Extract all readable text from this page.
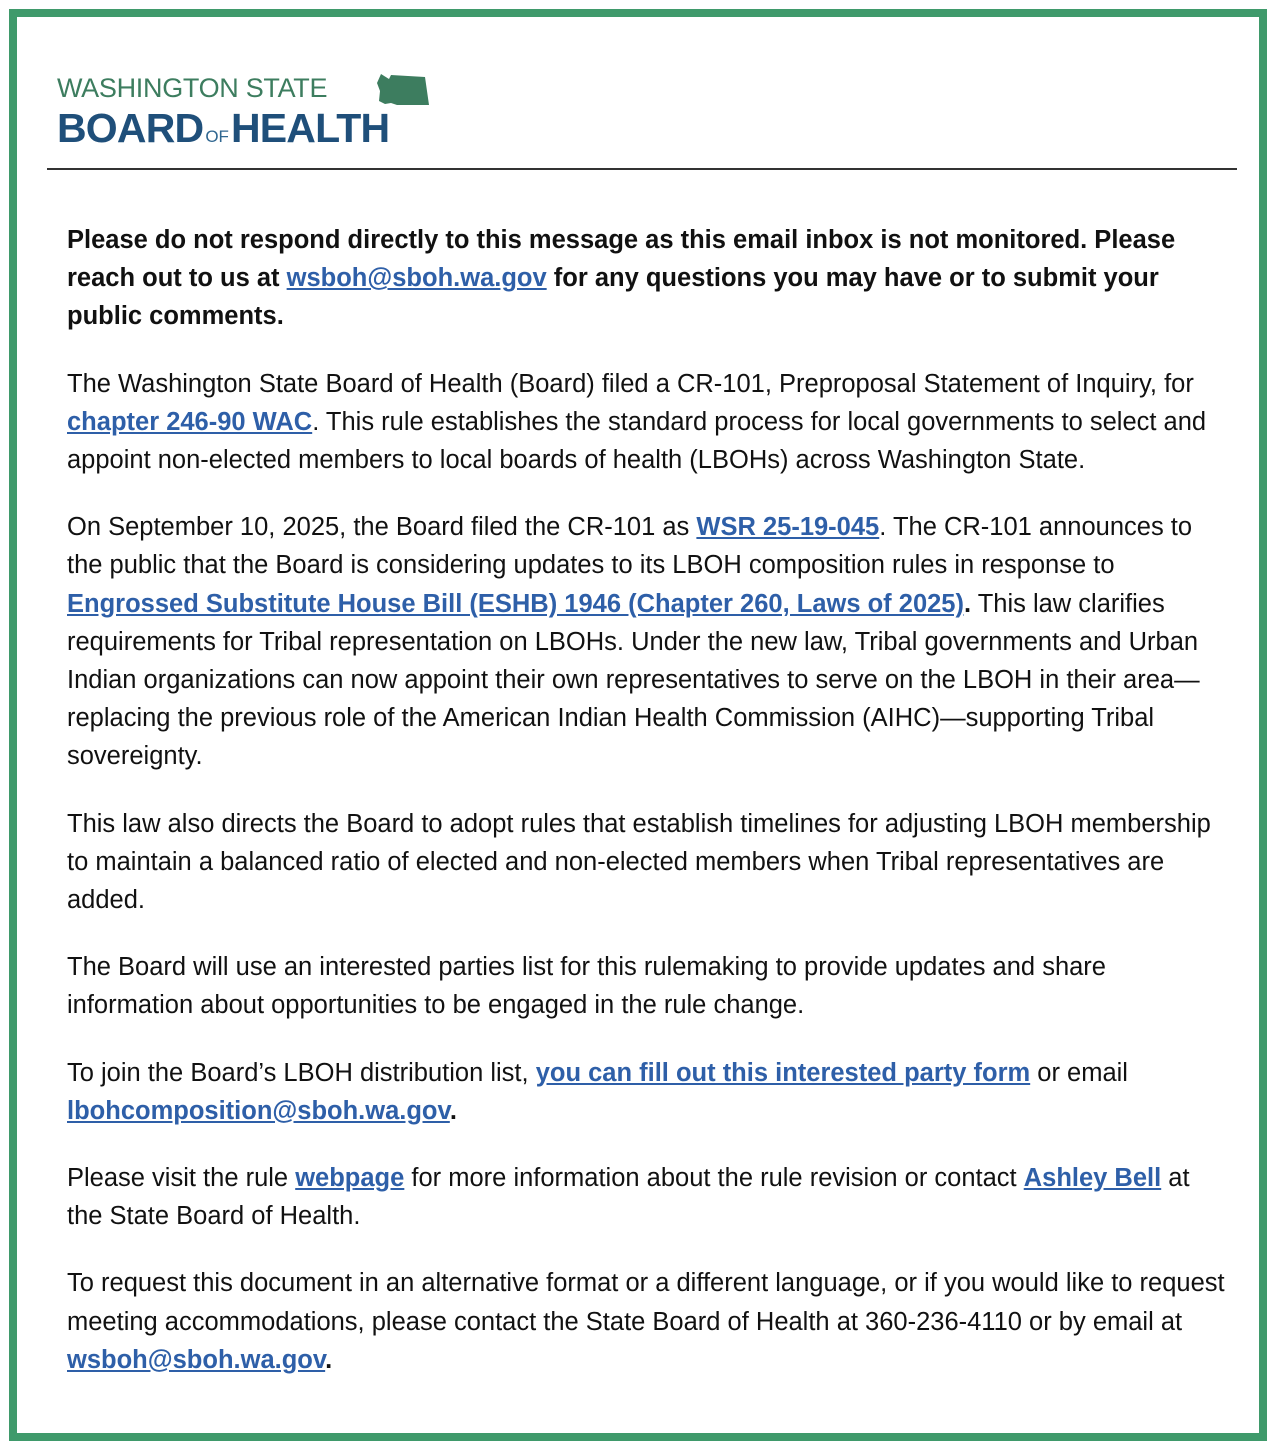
WASHINGTON STATE
BOARD OFHEALTH

Please do not respond directly to this message as this email inbox is not monitored. Please reach out to us at wsboh@sboh.wa.gov for any questions you may have or to submit your public comments.

The Washington State Board of Health (Board) filed a CR-101, Preproposal Statement of Inquiry, for chapter 246-90 WAC. This rule establishes the standard process for local governments to select and appoint non-elected members to local boards of health (LBOHs) across Washington State.

On September 10, 2025, the Board filed the CR-101 as WSR 25-19-045. The CR-101 announces to the public that the Board is considering updates to its LBOH composition rules in response to Engrossed Substitute House Bill (ESHB) 1946 (Chapter 260, Laws of 2025). This law clarifies requirements for Tribal representation on LBOHs. Under the new law, Tribal governments and Urban Indian organizations can now appoint their own representatives to serve on the LBOH in their area—replacing the previous role of the American Indian Health Commission (AIHC)—supporting Tribal sovereignty.

This law also directs the Board to adopt rules that establish timelines for adjusting LBOH membership to maintain a balanced ratio of elected and non-elected members when Tribal representatives are added.

The Board will use an interested parties list for this rulemaking to provide updates and share information about opportunities to be engaged in the rule change.

To join the Board’s LBOH distribution list, you can fill out this interested party form or email lbohcomposition@sboh.wa.gov.

Please visit the rule webpage for more information about the rule revision or contact Ashley Bell at the State Board of Health.

To request this document in an alternative format or a different language, or if you would like to request meeting accommodations, please contact the State Board of Health at 360-236-4110 or by email at wsboh@sboh.wa.gov.
